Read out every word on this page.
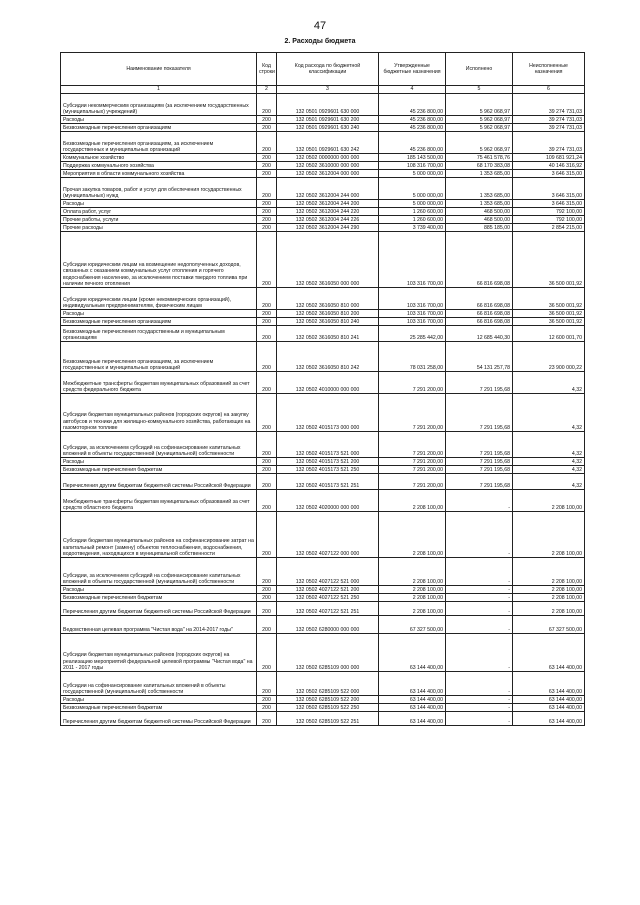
47
2. Расходы бюджета
Наименование показателя	Код строки	Код расхода по бюджетной классификации	Утвержденные бюджетные назначения	Исполнено	Неисполненные назначения
1	2	3	4	5	6
Субсидии некоммерческим организациям (за исключением государственных (муниципальных) учреждений)	200	132 0501 0929601 630 000	45 236 800,00	5 962 068,97	39 274 731,03
Расходы	200	132 0501 0929601 630 200	45 236 800,00	5 962 068,97	39 274 731,03
Безвозмездные перечисления организациям	200	132 0501 0929601 630 240	45 236 800,00	5 962 068,97	39 274 731,03
Безвозмездные перечисления организациям, за исключением государственных и муниципальных организаций	200	132 0501 0929601 630 242	45 236 800,00	5 962 068,97	39 274 731,03
Коммунальное хозяйство	200	132 0502 0000000 000 000	185 143 500,00	75 461 578,76	109 681 921,24
Поддержка коммунального хозяйства	200	132 0502 3610000 000 000	108 316 700,00	68 170 383,08	40 146 316,92
Мероприятия в области коммунального хозяйства	200	132 0502 3612004 000 000	5 000 000,00	1 353 685,00	3 646 315,00
Прочая закупка товаров, работ и услуг для обеспечения государственных (муниципальных) нужд	200	132 0502 3612004 244 000	5 000 000,00	1 353 685,00	3 646 315,00
Расходы	200	132 0502 3612004 244 200	5 000 000,00	1 353 685,00	3 646 315,00
Оплата работ, услуг	200	132 0502 3612004 244 220	1 260 600,00	468 500,00	792 100,00
Прочие работы, услуги	200	132 0502 3612004 244 226	1 260 600,00	468 500,00	792 100,00
Прочие расходы	200	132 0502 3612004 244 290	3 739 400,00	885 185,00	2 854 215,00
Субсидии юридическим лицам на возмещение недополученных доходов, связанных с оказанием коммунальных услуг отопления и горячего водоснабжения населению, за исключением поставки твердого топлива при наличии печного отопления	200	132 0502 3616050 000 000	103 316 700,00	66 816 698,08	36 500 001,92
Субсидии юридическим лицам (кроме некоммерческих организаций), индивидуальным предпринимателям, физическим лицам	200	132 0502 3616050 810 000	103 316 700,00	66 816 698,08	36 500 001,92
Расходы	200	132 0502 3616050 810 200	103 316 700,00	66 816 698,08	36 500 001,92
Безвозмездные перечисления организациям	200	132 0502 3616050 810 240	103 316 700,00	66 816 698,08	36 500 001,92
Безвозмездные перечисления государственным и муниципальным организациям	200	132 0502 3616050 810 241	25 285 442,00	12 685 440,30	12 600 001,70
Безвозмездные перечисления организациям, за исключением государственных и муниципальных организаций	200	132 0502 3616050 810 242	78 031 258,00	54 131 257,78	23 900 000,22
Межбюджетные трансферты бюджетам муниципальных образований за счет средств федерального бюджета	200	132 0502 4010000 000 000	7 291 200,00	7 291 195,68	4,32
Субсидии бюджетам муниципальных районов (городских округов) на закупку автобусов и техники для жилищно-коммунального хозяйства, работающих на газомоторном топливе	200	132 0502 4015173 000 000	7 291 200,00	7 291 195,68	4,32
Субсидии, за исключением субсидий на софинансирование капитальных вложений в объекты государственной (муниципальной) собственности	200	132 0502 4015173 521 000	7 291 200,00	7 291 195,68	4,32
Расходы	200	132 0502 4015173 521 200	7 291 200,00	7 291 195,68	4,32
Безвозмездные перечисления бюджетам	200	132 0502 4015173 521 250	7 291 200,00	7 291 195,68	4,32
Перечисления другим бюджетам бюджетной системы Российской Федерации	200	132 0502 4015173 521 251	7 291 200,00	7 291 195,68	4,32
Межбюджетные трансферты бюджетам муниципальных образований за счет средств областного бюджета	200	132 0502 4020000 000 000	2 208 100,00	-	2 208 100,00
Субсидии бюджетам муниципальных районов на софинансирование затрат на капитальный ремонт (замену) объектов теплоснабжения, водоснабжения, водоотведения, находящихся в муниципальной собственности	200	132 0502 4027122 000 000	2 208 100,00	-	2 208 100,00
Субсидии, за исключением субсидий на софинансирование капитальных вложений в объекты государственной (муниципальной) собственности	200	132 0502 4027122 521 000	2 208 100,00	-	2 208 100,00
Расходы	200	132 0502 4027122 521 200	2 208 100,00	-	2 208 100,00
Безвозмездные перечисления бюджетам	200	132 0502 4027122 521 250	2 208 100,00	-	2 208 100,00
Перечисления другим бюджетам бюджетной системы Российской Федерации	200	132 0502 4027122 521 251	2 208 100,00	-	2 208 100,00
Ведомственная целевая программа "Чистая вода" на 2014-2017 годы"	200	132 0502 6280000 000 000	67 327 500,00	-	67 327 500,00
Субсидии бюджетам муниципальных районов (городских округов) на реализацию мероприятий федеральной целевой программы "Чистая вода" на 2011 - 2017 годы	200	132 0502 6285109 000 000	63 144 400,00	-	63 144 400,00
Субсидии на софинансирование капитальных вложений в объекты государственной (муниципальной) собственности	200	132 0502 6285109 522 000	63 144 400,00	-	63 144 400,00
Расходы	200	132 0502 6285109 522 200	63 144 400,00	-	63 144 400,00
Безвозмездные перечисления бюджетам	200	132 0502 6285109 522 250	63 144 400,00	-	63 144 400,00
Перечисления другим бюджетам бюджетной системы Российской Федерации	200	132 0502 6285109 522 251	63 144 400,00	-	63 144 400,00
